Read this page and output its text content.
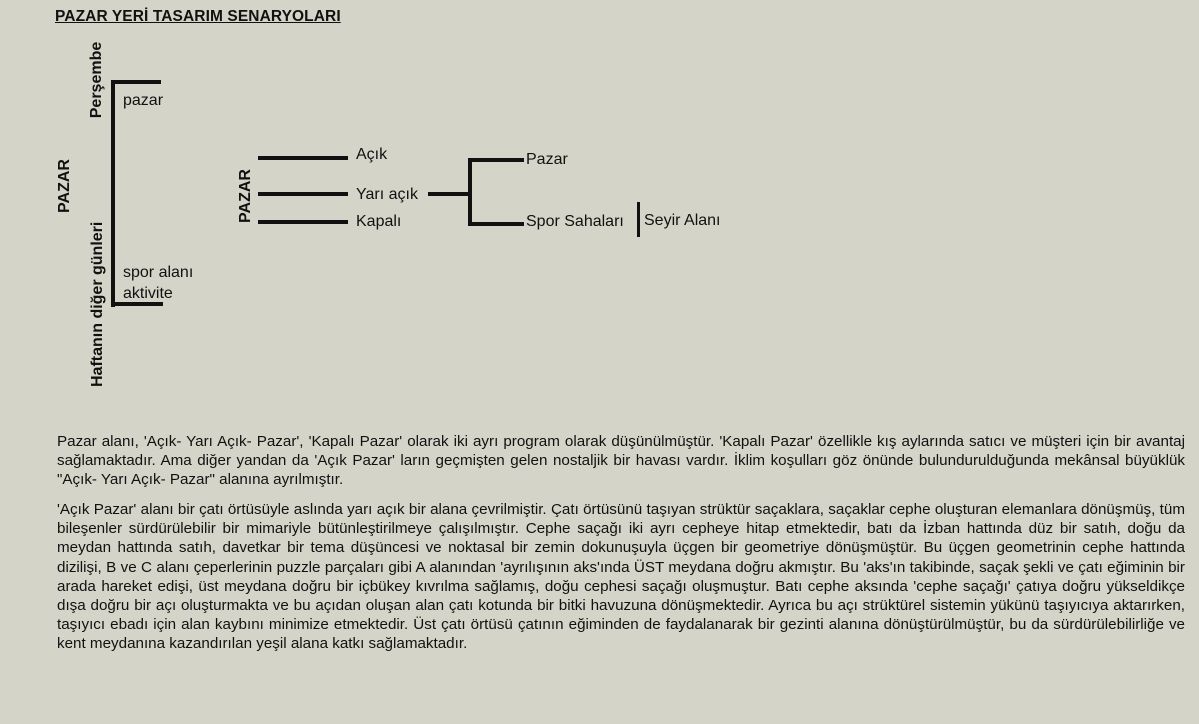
PAZAR YERİ TASARIM SENARYOLARI
PAZAR
Perşembe
Haftanın diğer günleri
pazar
spor alanı
aktivite
PAZAR
Açık
Yarı açık
Kapalı
Pazar
Spor Sahaları Seyir Alanı

Pazar alanı, 'Açık- Yarı Açık- Pazar', 'Kapalı Pazar' olarak iki ayrı program olarak düşünülmüştür. 'Kapalı Pazar' özellikle kış aylarında satıcı ve müşteri için bir avantaj sağlamaktadır. Ama diğer yandan da 'Açık Pazar' ların geçmişten gelen nostaljik bir havası vardır. İklim koşulları göz önünde bulundurulduğunda mekânsal büyüklük "Açık- Yarı Açık- Pazar" alanına ayrılmıştır.

'Açık Pazar' alanı bir çatı örtüsüyle aslında yarı açık bir alana çevrilmiştir. Çatı örtüsünü taşıyan strüktür saçaklara, saçaklar cephe oluşturan elemanlara dönüşmüş, tüm bileşenler sürdürülebilir bir mimariyle bütünleştirilmeye çalışılmıştır. Cephe saçağı iki ayrı cepheye hitap etmektedir, batı da İzban hattında düz bir satıh, doğu da meydan hattında satıh, davetkar bir tema düşüncesi ve noktasal bir zemin dokunuşuyla üçgen bir geometriye dönüşmüştür. Bu üçgen geometrinin cephe hattında dizilişi, B ve C alanı çeperlerinin puzzle parçaları gibi A alanından 'ayrılışının aks'ında ÜST meydana doğru akmıştır. Bu 'aks'ın takibinde, saçak şekli ve çatı eğiminin bir arada hareket edişi, üst meydana doğru bir içbükey kıvrılma sağlamış, doğu cephesi saçağı oluşmuştur. Batı cephe aksında 'cephe saçağı' çatıya doğru yükseldikçe dışa doğru bir açı oluşturmakta ve bu açıdan oluşan alan çatı kotunda bir bitki havuzuna dönüşmektedir. Ayrıca bu açı strüktürel sistemin yükünü taşıyıcıya aktarırken, taşıyıcı ebadı için alan kaybını minimize etmektedir. Üst çatı örtüsü çatının eğiminden de faydalanarak bir gezinti alanına dönüştürülmüştür, bu da sürdürülebilirliğe ve kent meydanına kazandırılan yeşil alana katkı sağlamaktadır.
